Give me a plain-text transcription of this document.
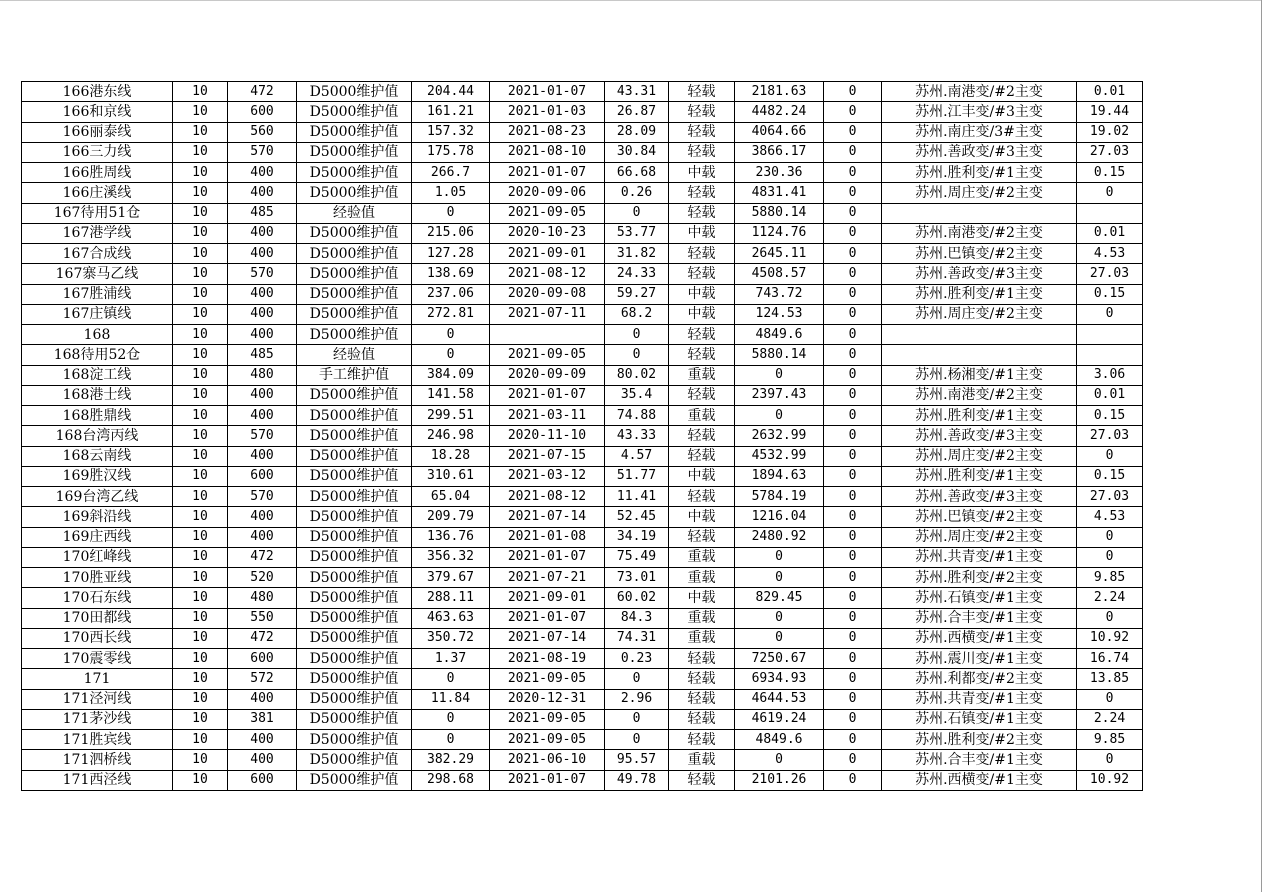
166港东线	10	472	D5000维护值	204.44	2021-01-07	43.31	轻载	2181.63	0	苏州.南港变/#2主变	0.01
166和京线	10	600	D5000维护值	161.21	2021-01-03	26.87	轻载	4482.24	0	苏州.江丰变/#3主变	19.44
166丽泰线	10	560	D5000维护值	157.32	2021-08-23	28.09	轻载	4064.66	0	苏州.南庄变/3#主变	19.02
166三力线	10	570	D5000维护值	175.78	2021-08-10	30.84	轻载	3866.17	0	苏州.善政变/#3主变	27.03
166胜周线	10	400	D5000维护值	266.7	2021-01-07	66.68	中载	230.36	0	苏州.胜利变/#1主变	0.15
166庄溪线	10	400	D5000维护值	1.05	2020-09-06	0.26	轻载	4831.41	0	苏州.周庄变/#2主变	0
167待用51仓	10	485	经验值	0	2021-09-05	0	轻载	5880.14	0		
167港学线	10	400	D5000维护值	215.06	2020-10-23	53.77	中载	1124.76	0	苏州.南港变/#2主变	0.01
167合成线	10	400	D5000维护值	127.28	2021-09-01	31.82	轻载	2645.11	0	苏州.巴镇变/#2主变	4.53
167寨马乙线	10	570	D5000维护值	138.69	2021-08-12	24.33	轻载	4508.57	0	苏州.善政变/#3主变	27.03
167胜浦线	10	400	D5000维护值	237.06	2020-09-08	59.27	中载	743.72	0	苏州.胜利变/#1主变	0.15
167庄镇线	10	400	D5000维护值	272.81	2021-07-11	68.2	中载	124.53	0	苏州.周庄变/#2主变	0
168	10	400	D5000维护值	0		0	轻载	4849.6	0		
168待用52仓	10	485	经验值	0	2021-09-05	0	轻载	5880.14	0		
168淀工线	10	480	手工维护值	384.09	2020-09-09	80.02	重载	0	0	苏州.杨湘变/#1主变	3.06
168港士线	10	400	D5000维护值	141.58	2021-01-07	35.4	轻载	2397.43	0	苏州.南港变/#2主变	0.01
168胜鼎线	10	400	D5000维护值	299.51	2021-03-11	74.88	重载	0	0	苏州.胜利变/#1主变	0.15
168台湾丙线	10	570	D5000维护值	246.98	2020-11-10	43.33	轻载	2632.99	0	苏州.善政变/#3主变	27.03
168云南线	10	400	D5000维护值	18.28	2021-07-15	4.57	轻载	4532.99	0	苏州.周庄变/#2主变	0
169胜汉线	10	600	D5000维护值	310.61	2021-03-12	51.77	中载	1894.63	0	苏州.胜利变/#1主变	0.15
169台湾乙线	10	570	D5000维护值	65.04	2021-08-12	11.41	轻载	5784.19	0	苏州.善政变/#3主变	27.03
169斜沿线	10	400	D5000维护值	209.79	2021-07-14	52.45	中载	1216.04	0	苏州.巴镇变/#2主变	4.53
169庄西线	10	400	D5000维护值	136.76	2021-01-08	34.19	轻载	2480.92	0	苏州.周庄变/#2主变	0
170红峰线	10	472	D5000维护值	356.32	2021-01-07	75.49	重载	0	0	苏州.共青变/#1主变	0
170胜亚线	10	520	D5000维护值	379.67	2021-07-21	73.01	重载	0	0	苏州.胜利变/#2主变	9.85
170石东线	10	480	D5000维护值	288.11	2021-09-01	60.02	中载	829.45	0	苏州.石镇变/#1主变	2.24
170田都线	10	550	D5000维护值	463.63	2021-01-07	84.3	重载	0	0	苏州.合丰变/#1主变	0
170西长线	10	472	D5000维护值	350.72	2021-07-14	74.31	重载	0	0	苏州.西横变/#1主变	10.92
170震零线	10	600	D5000维护值	1.37	2021-08-19	0.23	轻载	7250.67	0	苏州.震川变/#1主变	16.74
171	10	572	D5000维护值	0	2021-09-05	0	轻载	6934.93	0	苏州.利都变/#2主变	13.85
171泾河线	10	400	D5000维护值	11.84	2020-12-31	2.96	轻载	4644.53	0	苏州.共青变/#1主变	0
171茅沙线	10	381	D5000维护值	0	2021-09-05	0	轻载	4619.24	0	苏州.石镇变/#1主变	2.24
171胜宾线	10	400	D5000维护值	0	2021-09-05	0	轻载	4849.6	0	苏州.胜利变/#2主变	9.85
171泗桥线	10	400	D5000维护值	382.29	2021-06-10	95.57	重载	0	0	苏州.合丰变/#1主变	0
171西泾线	10	600	D5000维护值	298.68	2021-01-07	49.78	轻载	2101.26	0	苏州.西横变/#1主变	10.92
